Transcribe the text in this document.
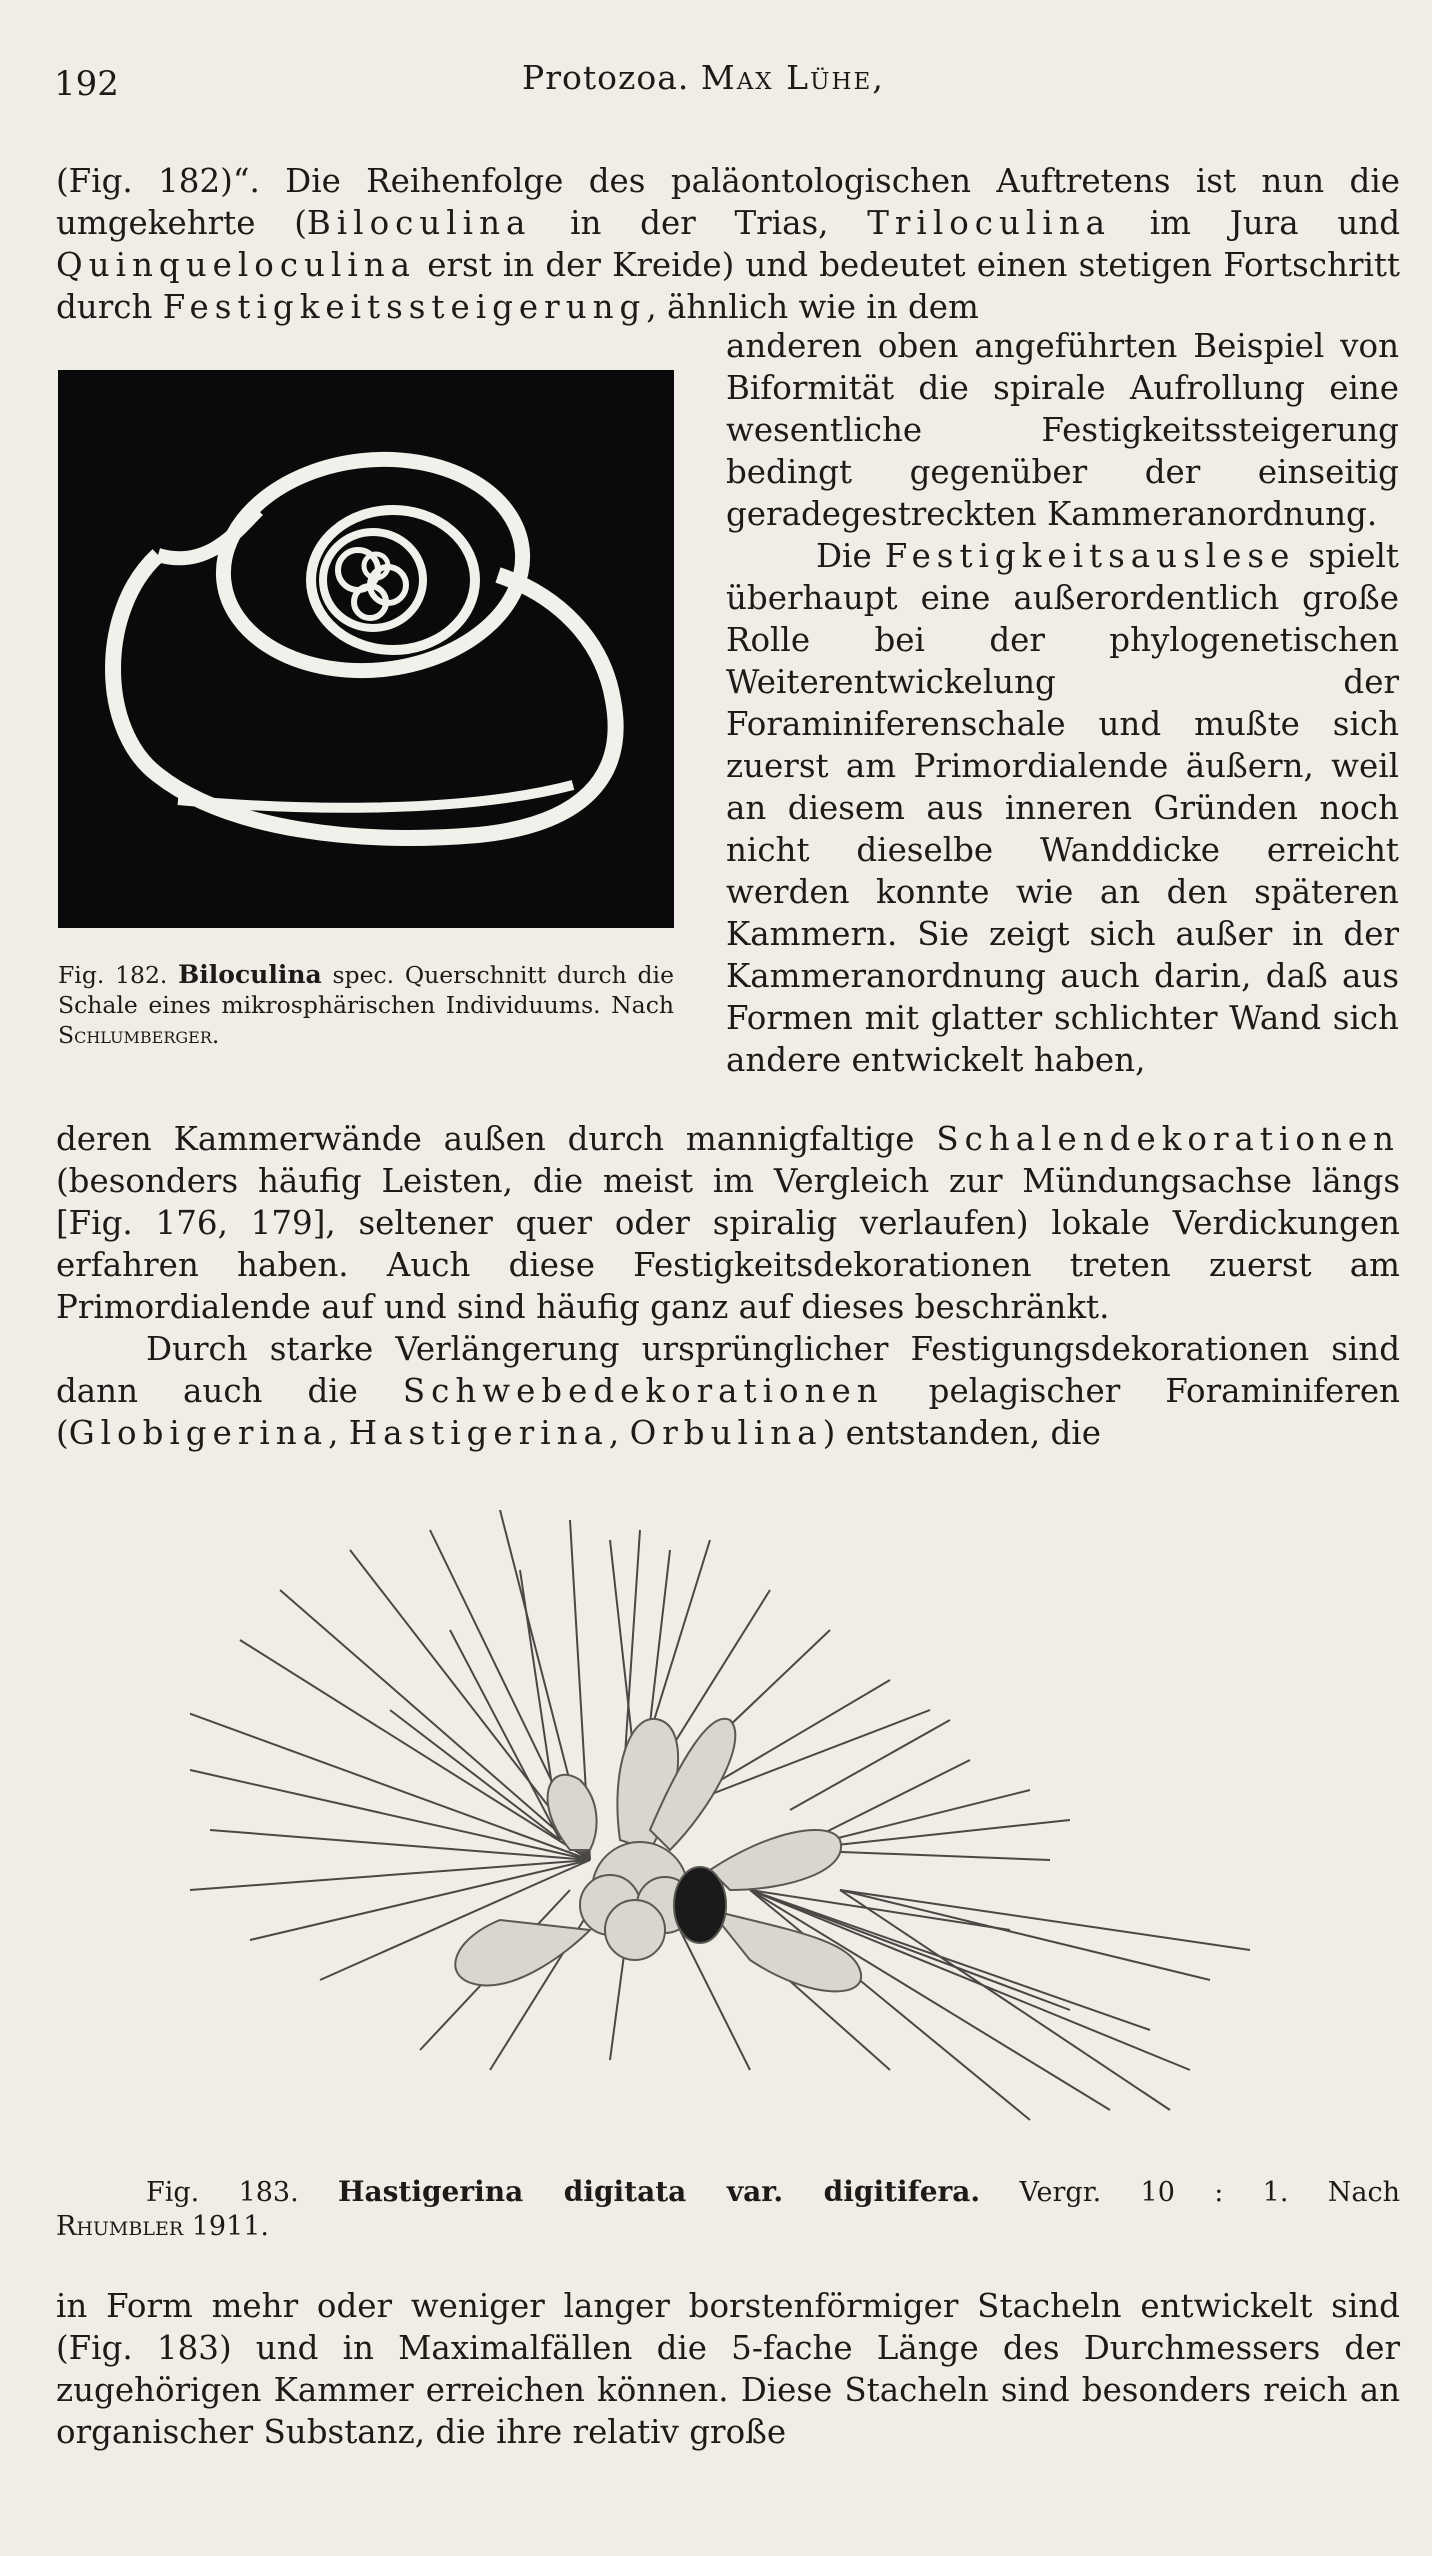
192	Protozoa. Max Lühe,

(Fig. 182)“. Die Reihenfolge des paläontologischen Auftretens ist nun die umgekehrte (Biloculina in der Trias, Triloculina im Jura und Quinqueloculina erst in der Kreide) und bedeutet einen stetigen Fortschritt durch Festigkeitssteigerung, ähnlich wie in dem

anderen oben angeführten Beispiel von Biformität die spirale Aufrollung eine wesentliche Festigkeitssteigerung bedingt gegenüber der einseitig geradegestreckten Kammeranordnung.

Die Festigkeitsauslese spielt überhaupt eine außerordentlich große Rolle bei der phylogenetischen Weiterentwickelung der Foraminiferenschale und mußte sich zuerst am Primordialende äußern, weil an diesem aus inneren Gründen noch nicht dieselbe Wanddicke erreicht werden konnte wie an den späteren Kammern. Sie zeigt sich außer in der Kammeranordnung auch darin, daß aus Formen mit glatter schlichter Wand sich andere entwickelt haben,

Fig. 182. Biloculina spec. Querschnitt durch die Schale eines mikrosphärischen Individuums. Nach Schlumberger.

deren Kammerwände außen durch mannigfaltige Schalendekorationen (besonders häufig Leisten, die meist im Vergleich zur Mündungsachse längs [Fig. 176, 179], seltener quer oder spiralig verlaufen) lokale Verdickungen erfahren haben. Auch diese Festigkeitsdekorationen treten zuerst am Primordialende auf und sind häufig ganz auf dieses beschränkt.

Durch starke Verlängerung ursprünglicher Festigungsdekorationen sind dann auch die Schwebedekorationen pelagischer Foraminiferen (Globigerina, Hastigerina, Orbulina) entstanden, die

Fig. 183. Hastigerina digitata var. digitifera. Vergr. 10 : 1. Nach
Rhumbler 1911.

in Form mehr oder weniger langer borstenförmiger Stacheln entwickelt sind (Fig. 183) und in Maximalfällen die 5-fache Länge des Durchmessers der zugehörigen Kammer erreichen können. Diese Stacheln sind besonders reich an organischer Substanz, die ihre relativ große
